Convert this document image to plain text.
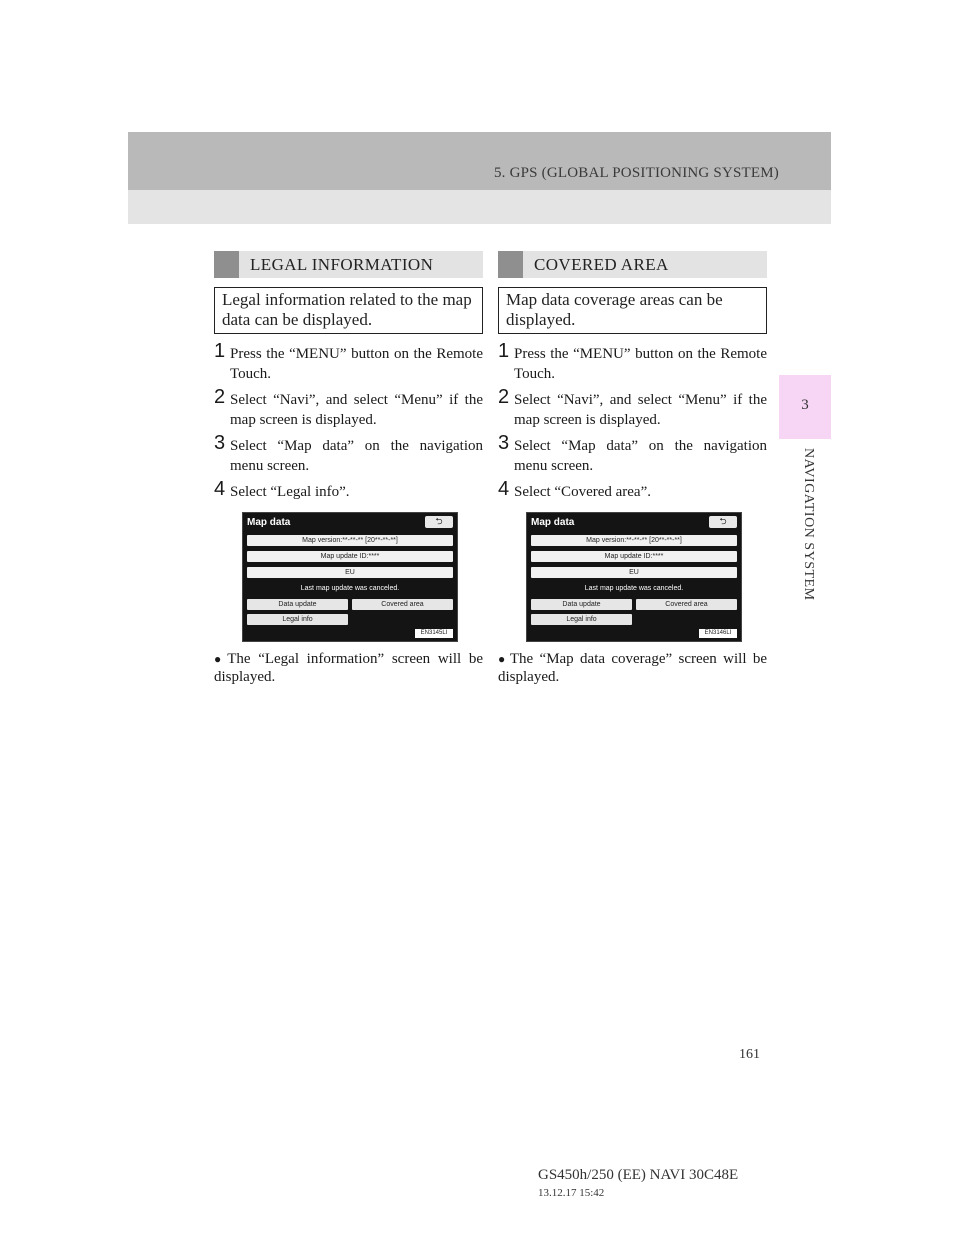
5. GPS (GLOBAL POSITIONING SYSTEM)
3
NAVIGATION SYSTEM
LEGAL INFORMATION
Legal information related to the map data can be displayed.
1 Press the “MENU” button on the Remote Touch.
2 Select “Navi”, and select “Menu” if the map screen is displayed.
3 Select “Map data” on the navigation menu screen.
4 Select “Legal info”.
Map data	⮌
Map version:**-**-** [20**-**-**]
Map update ID:****
EU
Last map update was canceled.
Data update	Covered area
Legal info
EN3145LI
● The “Legal information” screen will be displayed.
COVERED AREA
Map data coverage areas can be displayed.
1 Press the “MENU” button on the Remote Touch.
2 Select “Navi”, and select “Menu” if the map screen is displayed.
3 Select “Map data” on the navigation menu screen.
4 Select “Covered area”.
Map data	⮌
Map version:**-**-** [20**-**-**]
Map update ID:****
EU
Last map update was canceled.
Data update	Covered area
Legal info
EN3146LI
● The “Map data coverage” screen will be displayed.
161
GS450h/250 (EE) NAVI 30C48E
13.12.17 15:42
